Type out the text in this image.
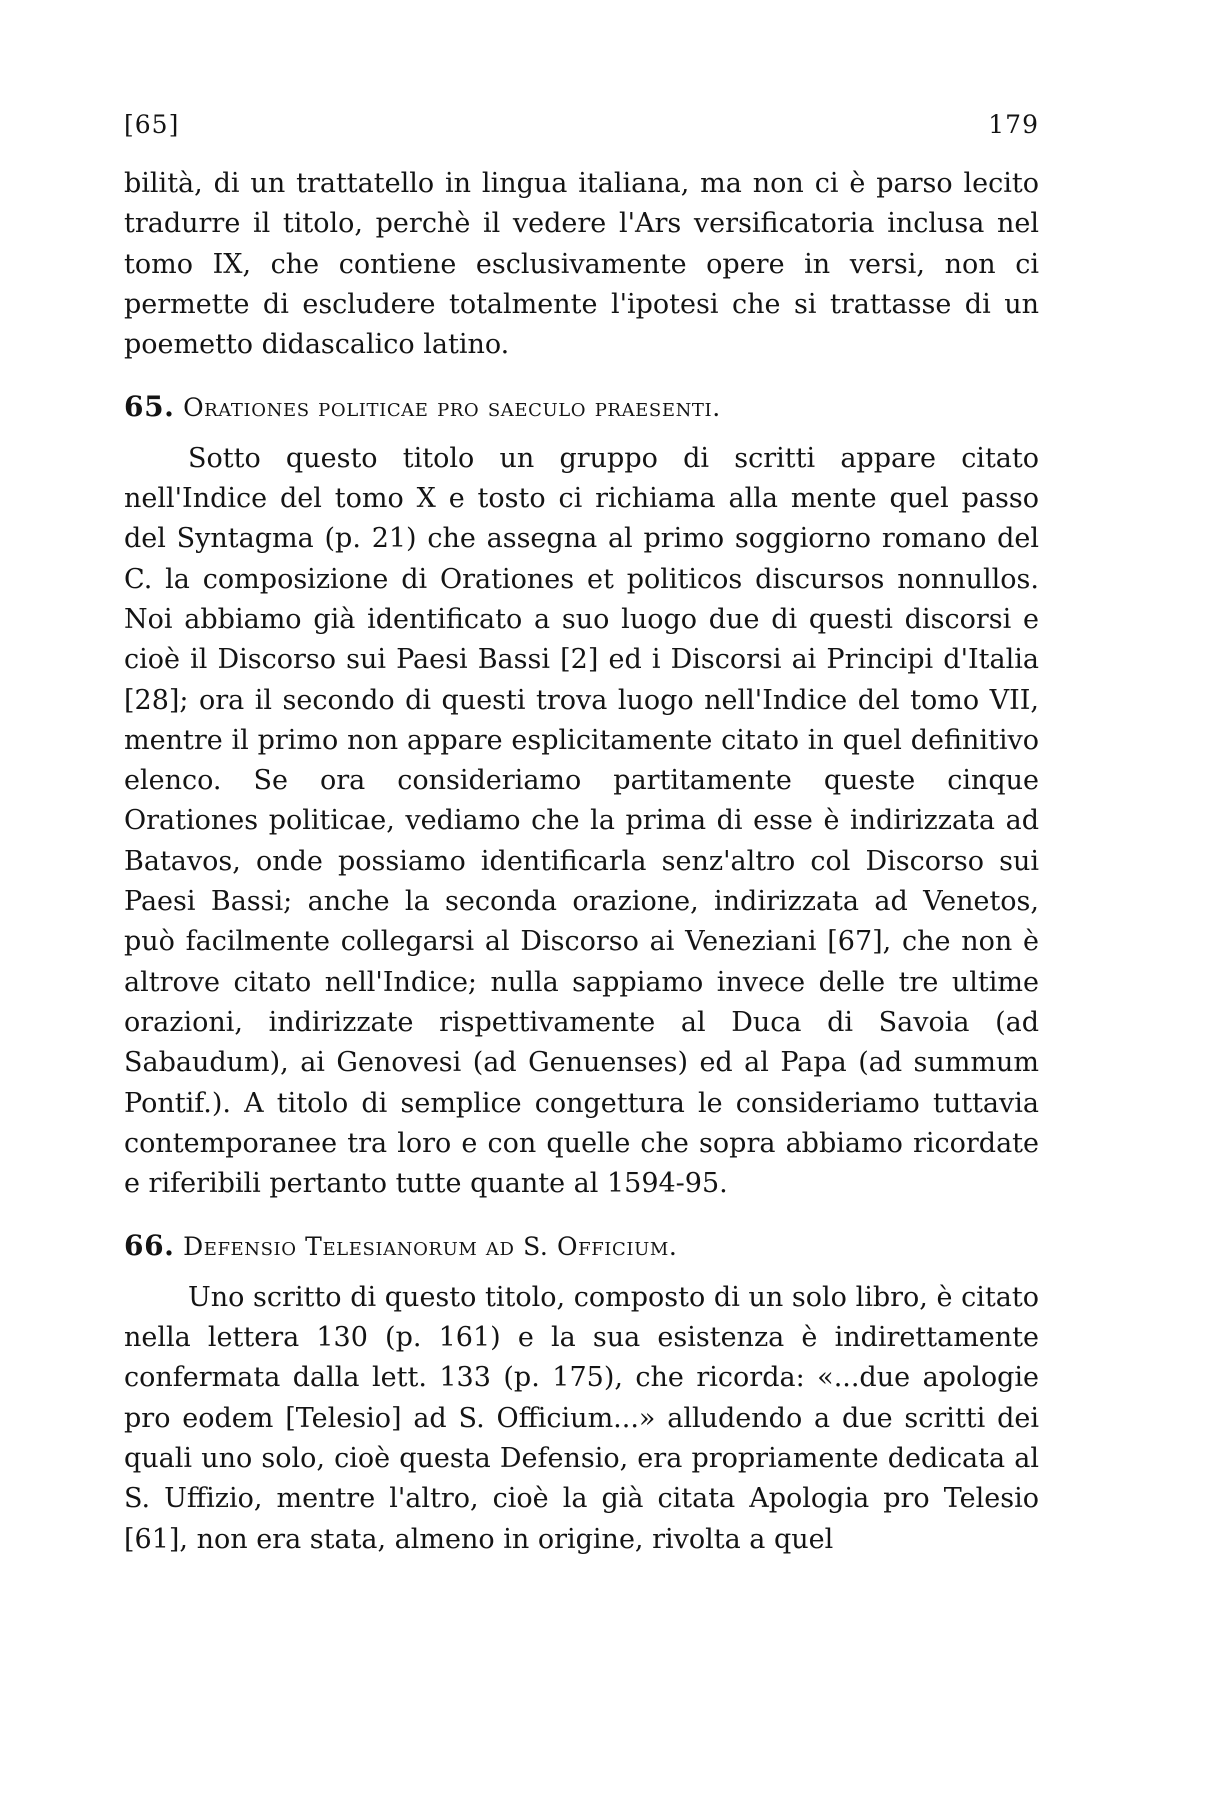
[65]	179

bilità, di un trattatello in lingua italiana, ma non ci è parso lecito tradurre il titolo, perchè il vedere l'Ars versificatoria inclusa nel tomo IX, che contiene esclusivamente opere in versi, non ci permette di escludere totalmente l'ipotesi che si trattasse di un poemetto didascalico latino.

65. Orationes politicae pro saeculo praesenti.

Sotto questo titolo un gruppo di scritti appare citato nell'Indice del tomo X e tosto ci richiama alla mente quel passo del Syntagma (p. 21) che assegna al primo soggiorno romano del C. la composizione di Orationes et politicos discursos nonnullos. Noi abbiamo già identificato a suo luogo due di questi discorsi e cioè il Discorso sui Paesi Bassi [2] ed i Discorsi ai Principi d'Italia [28]; ora il secondo di questi trova luogo nell'Indice del tomo VII, mentre il primo non appare esplicitamente citato in quel definitivo elenco. Se ora consideriamo partitamente queste cinque Orationes politicae, vediamo che la prima di esse è indirizzata ad Batavos, onde possiamo identificarla senz'altro col Discorso sui Paesi Bassi; anche la seconda orazione, indirizzata ad Venetos, può facilmente collegarsi al Discorso ai Veneziani [67], che non è altrove citato nell'Indice; nulla sappiamo invece delle tre ultime orazioni, indirizzate rispettivamente al Duca di Savoia (ad Sabaudum), ai Genovesi (ad Genuenses) ed al Papa (ad summum Pontif.). A titolo di semplice congettura le consideriamo tuttavia contemporanee tra loro e con quelle che sopra abbiamo ricordate e riferibili pertanto tutte quante al 1594-95.

66. Defensio Telesianorum ad S. Officium.

Uno scritto di questo titolo, composto di un solo libro, è citato nella lettera 130 (p. 161) e la sua esistenza è indirettamente confermata dalla lett. 133 (p. 175), che ricorda: «...due apologie pro eodem [Telesio] ad S. Officium...» alludendo a due scritti dei quali uno solo, cioè questa Defensio, era propriamente dedicata al S. Uffizio, mentre l'altro, cioè la già citata Apologia pro Telesio [61], non era stata, almeno in origine, rivolta a quel
